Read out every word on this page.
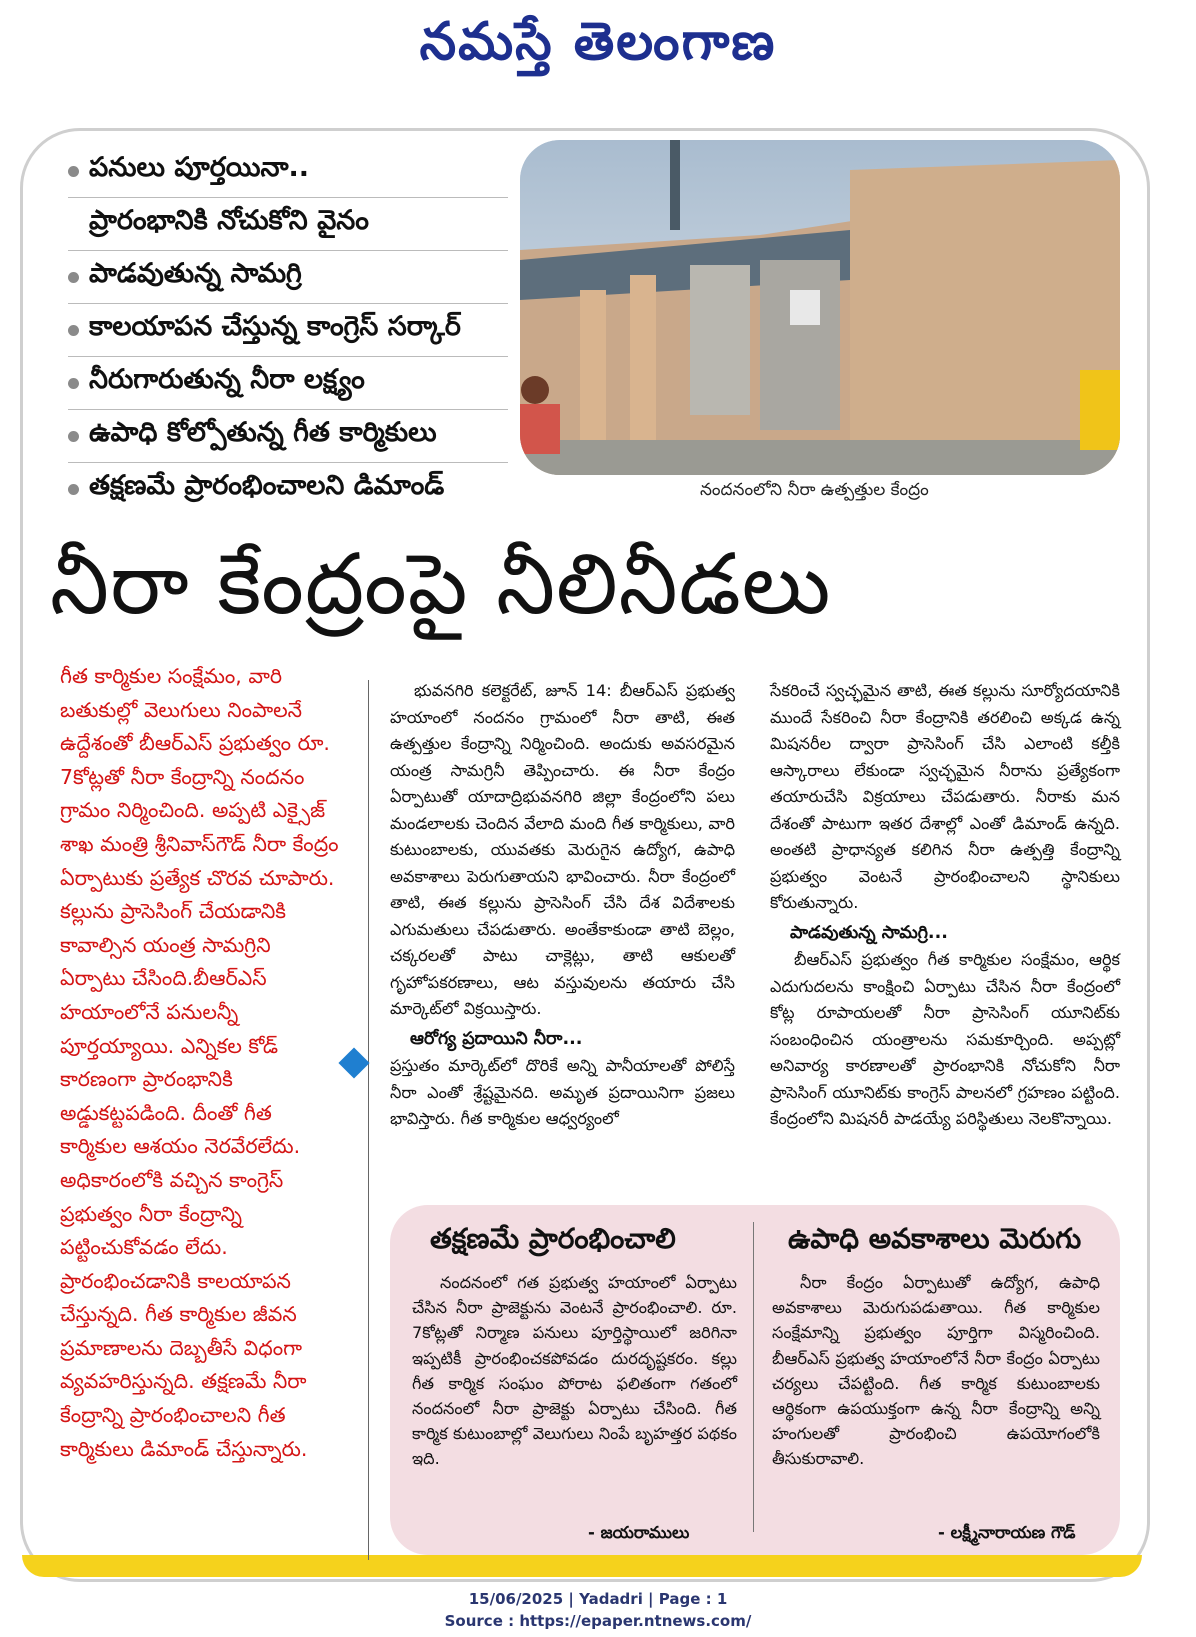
నమస్తే తెలంగాణ
పనులు పూర్తయినా..
ప్రారంభానికి నోచుకోని వైనం
పాడవుతున్న సామగ్రి
కాలయాపన చేస్తున్న కాంగ్రెస్ సర్కార్
నీరుగారుతున్న నీరా లక్ష్యం
ఉపాధి కోల్పోతున్న గీత కార్మికులు
తక్షణమే ప్రారంభించాలని డిమాండ్	నందనంలోని నీరా ఉత్పత్తుల కేంద్రం
నీరా కేంద్రంపై నీలినీడలు
గీత కార్మికుల సంక్షేమం, వారి బతుకుల్లో వెలుగులు నింపాలనే ఉద్దేశంతో బీఆర్ఎస్ ప్రభుత్వం రూ. 7కోట్లతో నీరా కేంద్రాన్ని నందనం గ్రామం నిర్మించింది. అప్పటి ఎక్సైజ్ శాఖ మంత్రి శ్రీనివాస్‌గౌడ్ నీరా కేంద్రం ఏర్పాటుకు ప్రత్యేక చొరవ చూపారు. కల్లును ప్రాసెసింగ్ చేయడానికి కావాల్సిన యంత్ర సామగ్రిని ఏర్పాటు చేసింది.బీఆర్ఎస్ హయాంలోనే పనులన్నీ పూర్తయ్యాయి. ఎన్నికల కోడ్ కారణంగా ప్రారంభానికి అడ్డుకట్టపడింది. దీంతో గీత కార్మికుల ఆశయం నెరవేరలేదు. అధికారంలోకి వచ్చిన కాంగ్రెస్ ప్రభుత్వం నీరా కేంద్రాన్ని పట్టించుకోవడం లేదు. ప్రారంభించడానికి కాలయాపన చేస్తున్నది. గీత కార్మికుల జీవన ప్రమాణాలను దెబ్బతీసే విధంగా వ్యవహరిస్తున్నది. తక్షణమే నీరా కేంద్రాన్ని ప్రారంభించాలని గీత కార్మికులు డిమాండ్ చేస్తున్నారు.

భువనగిరి కలెక్టరేట్, జూన్ 14: బీఆర్ఎస్ ప్రభుత్వ హయాంలో నందనం గ్రామంలో నీరా తాటి, ఈత ఉత్పత్తుల కేంద్రాన్ని నిర్మించింది. అందుకు అవసరమైన యంత్ర సామగ్రినీ తెప్పించారు. ఈ నీరా కేంద్రం ఏర్పాటుతో యాదాద్రిభువనగిరి జిల్లా కేంద్రంలోని పలు మండలాలకు చెందిన వేలాది మంది గీత కార్మికులు, వారి కుటుంబాలకు, యువతకు మెరుగైన ఉద్యోగ, ఉపాధి అవకాశాలు పెరుగుతాయని భావించారు. నీరా కేంద్రంలో తాటి, ఈత కల్లును ప్రాసెసింగ్ చేసి దేశ విదేశాలకు ఎగుమతులు చేపడుతారు. అంతేకాకుండా తాటి బెల్లం, చక్కరలతో పాటు చాక్లెట్లు, తాటి ఆకులతో గృహోపకరణాలు, ఆట వస్తువులను తయారు చేసి మార్కెట్‌లో విక్రయిస్తారు.

ఆరోగ్య ప్రదాయిని నీరా...

ప్రస్తుతం మార్కెట్‌లో దొరికే అన్ని పానీయాలతో పోలిస్తే నీరా ఎంతో శ్రేష్టమైనది. అమృత ప్రదాయినిగా ప్రజలు భావిస్తారు. గీత కార్మికుల ఆధ్వర్యంలో

సేకరించే స్వచ్ఛమైన తాటి, ఈత కల్లును సూర్యోదయానికి ముందే సేకరించి నీరా కేంద్రానికి తరలించి అక్కడ ఉన్న మిషనరీల ద్వారా ప్రాసెసింగ్ చేసి ఎలాంటి కల్తీకి ఆస్కారాలు లేకుండా స్వచ్ఛమైన నీరాను ప్రత్యేకంగా తయారుచేసి విక్రయాలు చేపడుతారు. నీరాకు మన దేశంతో పాటుగా ఇతర దేశాల్లో ఎంతో డిమాండ్ ఉన్నది. అంతటి ప్రాధాన్యత కలిగిన నీరా ఉత్పత్తి కేంద్రాన్ని ప్రభుత్వం వెంటనే ప్రారంభించాలని స్థానికులు కోరుతున్నారు.

పాడవుతున్న సామగ్రి...

బీఆర్ఎస్ ప్రభుత్వం గీత కార్మికుల సంక్షేమం, ఆర్థిక ఎదుగుదలను కాంక్షించి ఏర్పాటు చేసిన నీరా కేంద్రంలో కోట్ల రూపాయలతో నీరా ప్రాసెసింగ్ యూనిట్‌కు సంబంధించిన యంత్రాలను సమకూర్చింది. అప్పట్లో అనివార్య కారణాలతో ప్రారంభానికి నోచుకోని నీరా ప్రాసెసింగ్ యూనిట్‌కు కాంగ్రెస్ పాలనలో గ్రహణం పట్టింది. కేంద్రంలోని మిషనరీ పాడయ్యే పరిస్థితులు నెలకొన్నాయి.

తక్షణమే ప్రారంభించాలి
నందనంలో గత ప్రభుత్వ హయాంలో ఏర్పాటు చేసిన నీరా ప్రాజెక్టును వెంటనే ప్రారంభించాలి. రూ. 7కోట్లతో నిర్మాణ పనులు పూర్తిస్థాయిలో జరిగినా ఇప్పటికీ ప్రారంభించకపోవడం దురదృష్టకరం. కల్లు గీత కార్మిక సంఘం పోరాట ఫలితంగా గతంలో నందనంలో నీరా ప్రాజెక్టు ఏర్పాటు చేసింది. గీత కార్మిక కుటుంబాల్లో వెలుగులు నింపే బృహత్తర పథకం ఇది.
- జయరాములు
ఉపాధి అవకాశాలు మెరుగు
నీరా కేంద్రం ఏర్పాటుతో ఉద్యోగ, ఉపాధి అవకాశాలు మెరుగుపడుతాయి. గీత కార్మికుల సంక్షేమాన్ని ప్రభుత్వం పూర్తిగా విస్మరించింది. బీఆర్ఎస్ ప్రభుత్వ హయాంలోనే నీరా కేంద్రం ఏర్పాటు చర్యలు చేపట్టింది. గీత కార్మిక కుటుంబాలకు ఆర్థికంగా ఉపయుక్తంగా ఉన్న నీరా కేంద్రాన్ని అన్ని హంగులతో ప్రారంభించి ఉపయోగంలోకి తీసుకురావాలి.
- లక్ష్మీనారాయణ గౌడ్
15/06/2025 | Yadadri | Page : 1
Source : https://epaper.ntnews.com/
